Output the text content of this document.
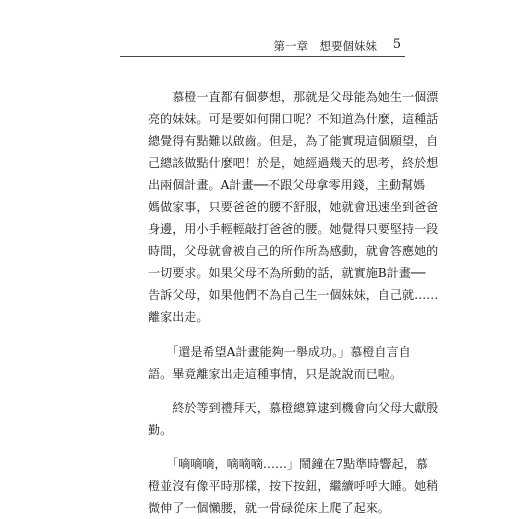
第一章　想要個妹妹 5
　　慕橙一直都有個夢想，那就是父母能為她生一個漂
亮的妹妹。可是要如何開口呢？不知道為什麼，這種話
總覺得有點難以啟齒。但是，為了能實現這個願望，自
己總該做點什麼吧！於是，她經過幾天的思考，終於想
出兩個計畫。A計畫──不跟父母拿零用錢，主動幫媽
媽做家事，只要爸爸的腰不舒服，她就會迅速坐到爸爸
身邊，用小手輕輕敲打爸爸的腰。她覺得只要堅持一段
時間，父母就會被自己的所作所為感動，就會答應她的
一切要求。如果父母不為所動的話，就實施B計畫──
告訴父母，如果他們不為自己生一個妹妹，自己就……
離家出走。
　　「還是希望A計畫能夠一舉成功。」慕橙自言自
語。畢竟離家出走這種事情，只是說說而已啦。
　　終於等到禮拜天，慕橙總算逮到機會向父母大獻殷
勤。
　　「嘀嘀嘀，嘀嘀嘀……」鬧鐘在7點準時響起，慕
橙並沒有像平時那樣，按下按鈕，繼續呼呼大睡。她稍
微伸了一個懶腰，就一骨碌從床上爬了起來。
